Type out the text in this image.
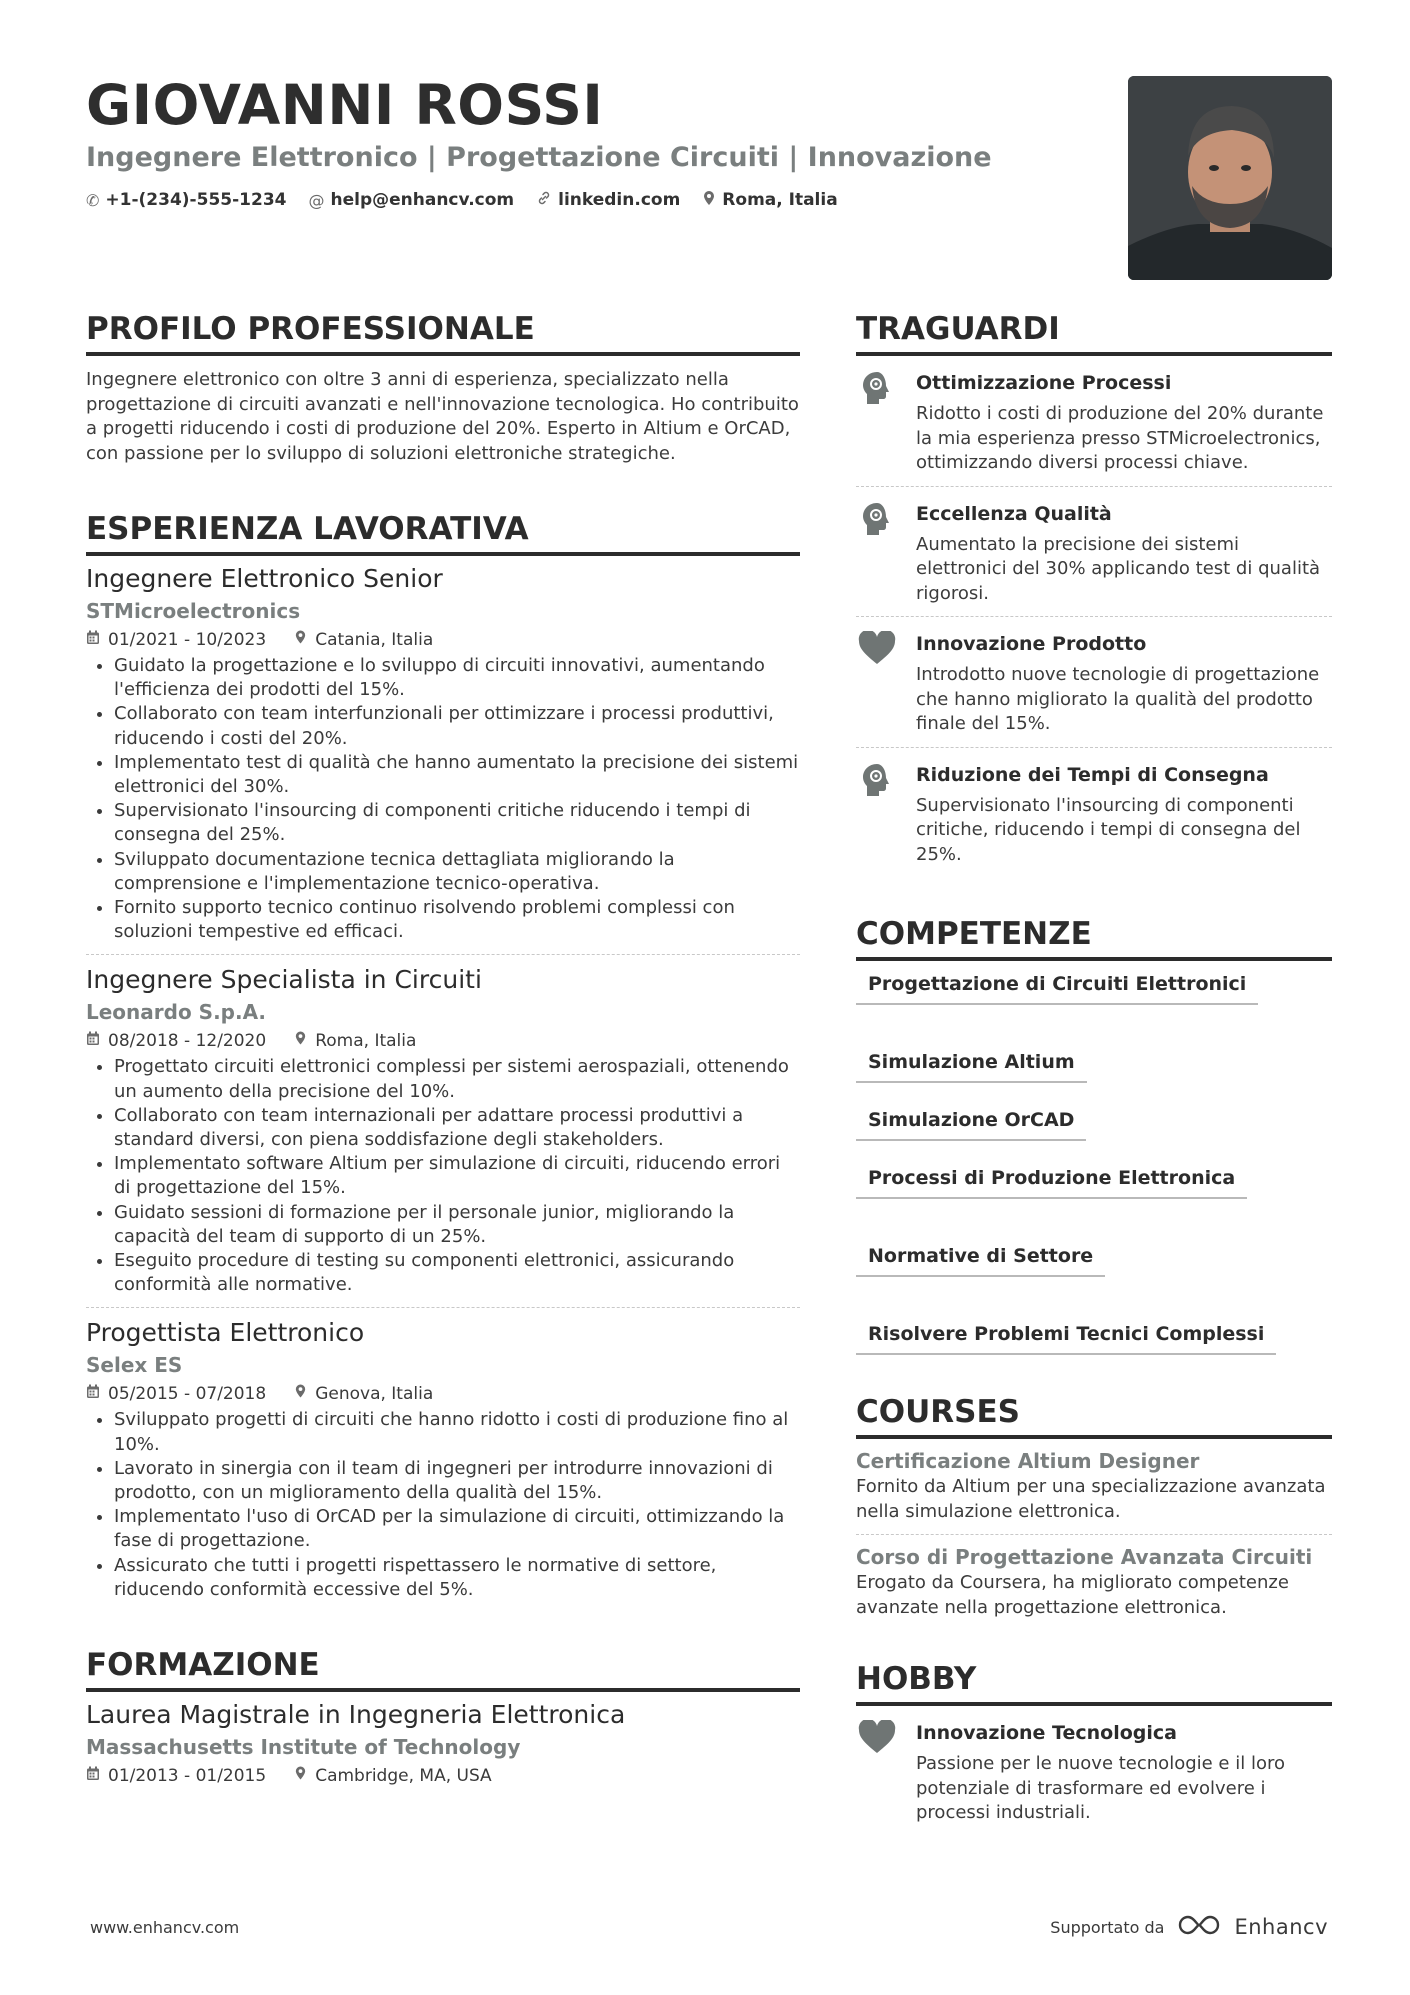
GIOVANNI ROSSI
Ingegnere Elettronico | Progettazione Circuiti | Innovazione
✆ +1-(234)-555-1234 @ help@enhancv.com	linkedin.com Roma, Italia
PROFILO PROFESSIONALE

Ingegnere elettronico con oltre 3 anni di esperienza, specializzato nella progettazione di circuiti avanzati e nell'innovazione tecnologica. Ho contribuito a progetti riducendo i costi di produzione del 20%. Esperto in Altium e OrCAD, con passione per lo sviluppo di soluzioni elettroniche strategiche.

ESPERIENZA LAVORATIVA
Ingegnere Elettronico Senior
STMicroelectronics
01/2021 - 10/2023	Catania, Italia
• Guidato la progettazione e lo sviluppo di circuiti innovativi, aumentando l'efficienza dei prodotti del 15%.
• Collaborato con team interfunzionali per ottimizzare i processi produttivi, riducendo i costi del 20%.
• Implementato test di qualità che hanno aumentato la precisione dei sistemi elettronici del 30%.
• Supervisionato l'insourcing di componenti critiche riducendo i tempi di consegna del 25%.
• Sviluppato documentazione tecnica dettagliata migliorando la comprensione e l'implementazione tecnico-operativa.
• Fornito supporto tecnico continuo risolvendo problemi complessi con soluzioni tempestive ed efficaci.
Ingegnere Specialista in Circuiti
Leonardo S.p.A.
08/2018 - 12/2020	Roma, Italia
• Progettato circuiti elettronici complessi per sistemi aerospaziali, ottenendo un aumento della precisione del 10%.
• Collaborato con team internazionali per adattare processi produttivi a standard diversi, con piena soddisfazione degli stakeholders.
• Implementato software Altium per simulazione di circuiti, riducendo errori di progettazione del 15%.
• Guidato sessioni di formazione per il personale junior, migliorando la capacità del team di supporto di un 25%.
• Eseguito procedure di testing su componenti elettronici, assicurando conformità alle normative.
Progettista Elettronico
Selex ES
05/2015 - 07/2018	Genova, Italia
• Sviluppato progetti di circuiti che hanno ridotto i costi di produzione fino al 10%.
• Lavorato in sinergia con il team di ingegneri per introdurre innovazioni di prodotto, con un miglioramento della qualità del 15%.
• Implementato l'uso di OrCAD per la simulazione di circuiti, ottimizzando la fase di progettazione.
• Assicurato che tutti i progetti rispettassero le normative di settore, riducendo conformità eccessive del 5%.
FORMAZIONE
Laurea Magistrale in Ingegneria Elettronica
Massachusetts Institute of Technology
01/2013 - 01/2015	Cambridge, MA, USA
TRAGUARDI
Ottimizzazione Processi
Ridotto i costi di produzione del 20% durante la mia esperienza presso STMicroelectronics, ottimizzando diversi processi chiave.
Eccellenza Qualità
Aumentato la precisione dei sistemi elettronici del 30% applicando test di qualità rigorosi.
Innovazione Prodotto
Introdotto nuove tecnologie di progettazione che hanno migliorato la qualità del prodotto finale del 15%.
Riduzione dei Tempi di Consegna
Supervisionato l'insourcing di componenti critiche, riducendo i tempi di consegna del 25%.
COMPETENZE
Progettazione di Circuiti Elettronici
Simulazione Altium
Simulazione OrCAD
Processi di Produzione Elettronica
Normative di Settore
Risolvere Problemi Tecnici Complessi
COURSES
Certificazione Altium Designer
Fornito da Altium per una specializzazione avanzata nella simulazione elettronica.
Corso di Progettazione Avanzata Circuiti
Erogato da Coursera, ha migliorato competenze avanzate nella progettazione elettronica.
HOBBY
Innovazione Tecnologica
Passione per le nuove tecnologie e il loro potenziale di trasformare ed evolvere i processi industriali.
www.enhancv.com	Supportato da	Enhancv
